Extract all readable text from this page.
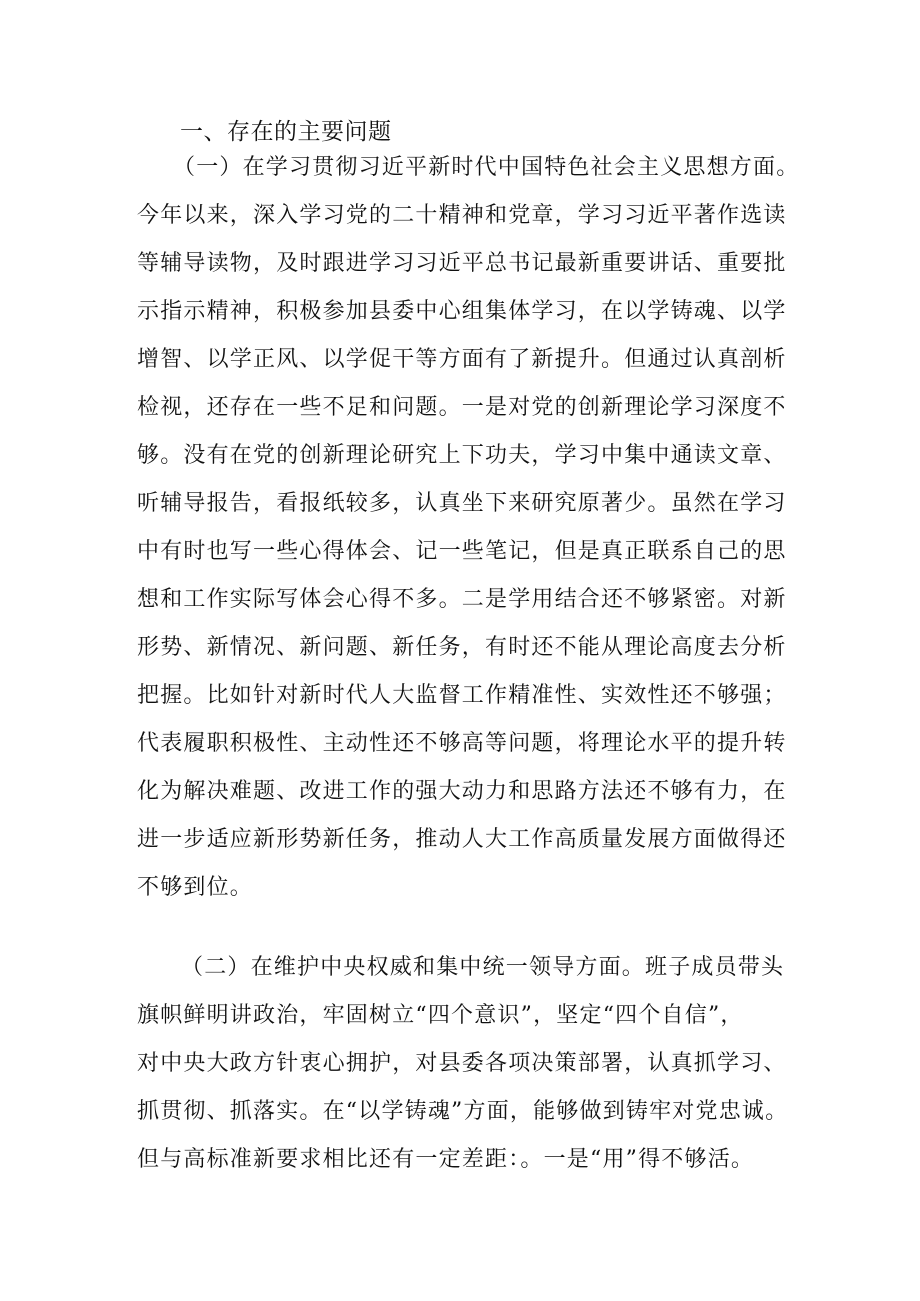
一、存在的主要问题
（一）在学习贯彻习近平新时代中国特色社会主义思想方面。
今年以来，深入学习党的二十精神和党章，学习习近平著作选读
等辅导读物，及时跟进学习习近平总书记最新重要讲话、重要批
示指示精神，积极参加县委中心组集体学习，在以学铸魂、以学
增智、以学正风、以学促干等方面有了新提升。但通过认真剖析
检视，还存在一些不足和问题。一是对党的创新理论学习深度不
够。没有在党的创新理论研究上下功夫，学习中集中通读文章、
听辅导报告，看报纸较多，认真坐下来研究原著少。虽然在学习
中有时也写一些心得体会、记一些笔记，但是真正联系自己的思
想和工作实际写体会心得不多。二是学用结合还不够紧密。对新
形势、新情况、新问题、新任务，有时还不能从理论高度去分析
把握。比如针对新时代人大监督工作精准性、实效性还不够强；
代表履职积极性、主动性还不够高等问题，将理论水平的提升转
化为解决难题、改进工作的强大动力和思路方法还不够有力，在
进一步适应新形势新任务，推动人大工作高质量发展方面做得还
不够到位。
（二）在维护中央权威和集中统一领导方面。班子成员带头
旗帜鲜明讲政治，牢固树立“四个意识”，坚定“四个自信”，
对中央大政方针衷心拥护，对县委各项决策部署，认真抓学习、
抓贯彻、抓落实。在“以学铸魂”方面，能够做到铸牢对党忠诚。
但与高标准新要求相比还有一定差距：。一是“用”得不够活。
